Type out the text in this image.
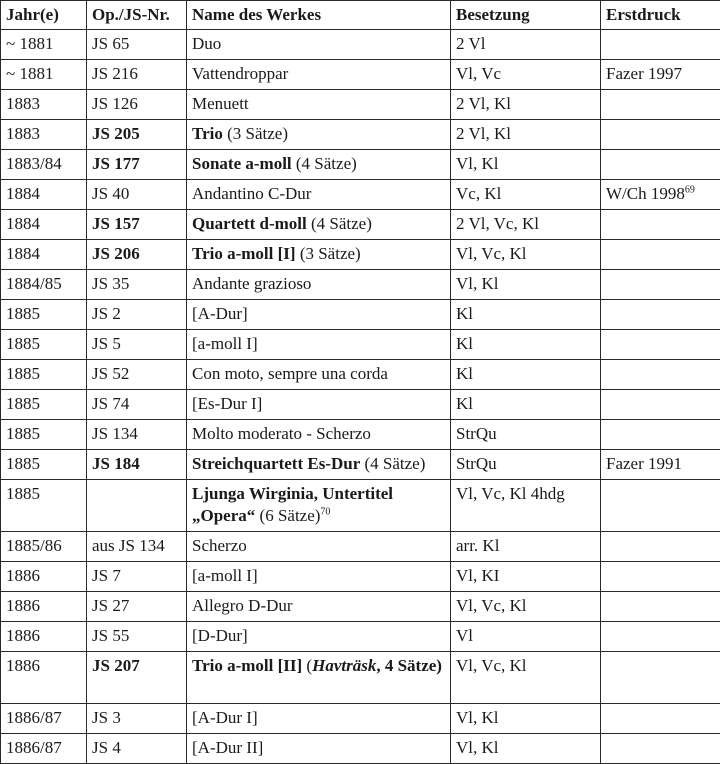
Jahr(e)	Op./JS-Nr.	Name des Werkes	Besetzung	Erstdruck
~ 1881	JS 65	Duo	2 Vl	
~ 1881	JS 216	Vattendroppar	Vl, Vc	Fazer 1997
1883	JS 126	Menuett	2 Vl, Kl	
1883	JS 205	Trio (3 Sätze)	2 Vl, Kl	
1883/84	JS 177	Sonate a-moll (4 Sätze)	Vl, Kl	
1884	JS 40	Andantino C-Dur	Vc, Kl	W/Ch 1998$^{69}$
1884	JS 157	Quartett d-moll (4 Sätze)	2 Vl, Vc, Kl	
1884	JS 206	Trio a-moll [I] (3 Sätze)	Vl, Vc, Kl	
1884/85	JS 35	Andante grazioso	Vl, Kl	
1885	JS 2	[A-Dur]	Kl	
1885	JS 5	[a-moll I]	Kl	
1885	JS 52	Con moto, sempre una corda	Kl	
1885	JS 74	[Es-Dur I]	Kl	
1885	JS 134	Molto moderato - Scherzo	StrQu	
1885	JS 184	Streichquartett Es-Dur (4 Sätze)	StrQu	Fazer 1991
1885		Ljunga Wirginia, Untertitel „Opera“ (6 Sätze)$^{70}$	Vl, Vc, Kl 4hdg	
1885/86	aus JS 134	Scherzo	arr. Kl	
1886	JS 7	[a-moll I]	Vl, KI	
1886	JS 27	Allegro D-Dur	Vl, Vc, Kl	
1886	JS 55	[D-Dur]	Vl	
1886	JS 207	Trio a-moll [II] (Havträsk, 4 Sätze)	Vl, Vc, Kl	
1886/87	JS 3	[A-Dur I]	Vl, Kl	
1886/87	JS 4	[A-Dur II]	Vl, Kl	
